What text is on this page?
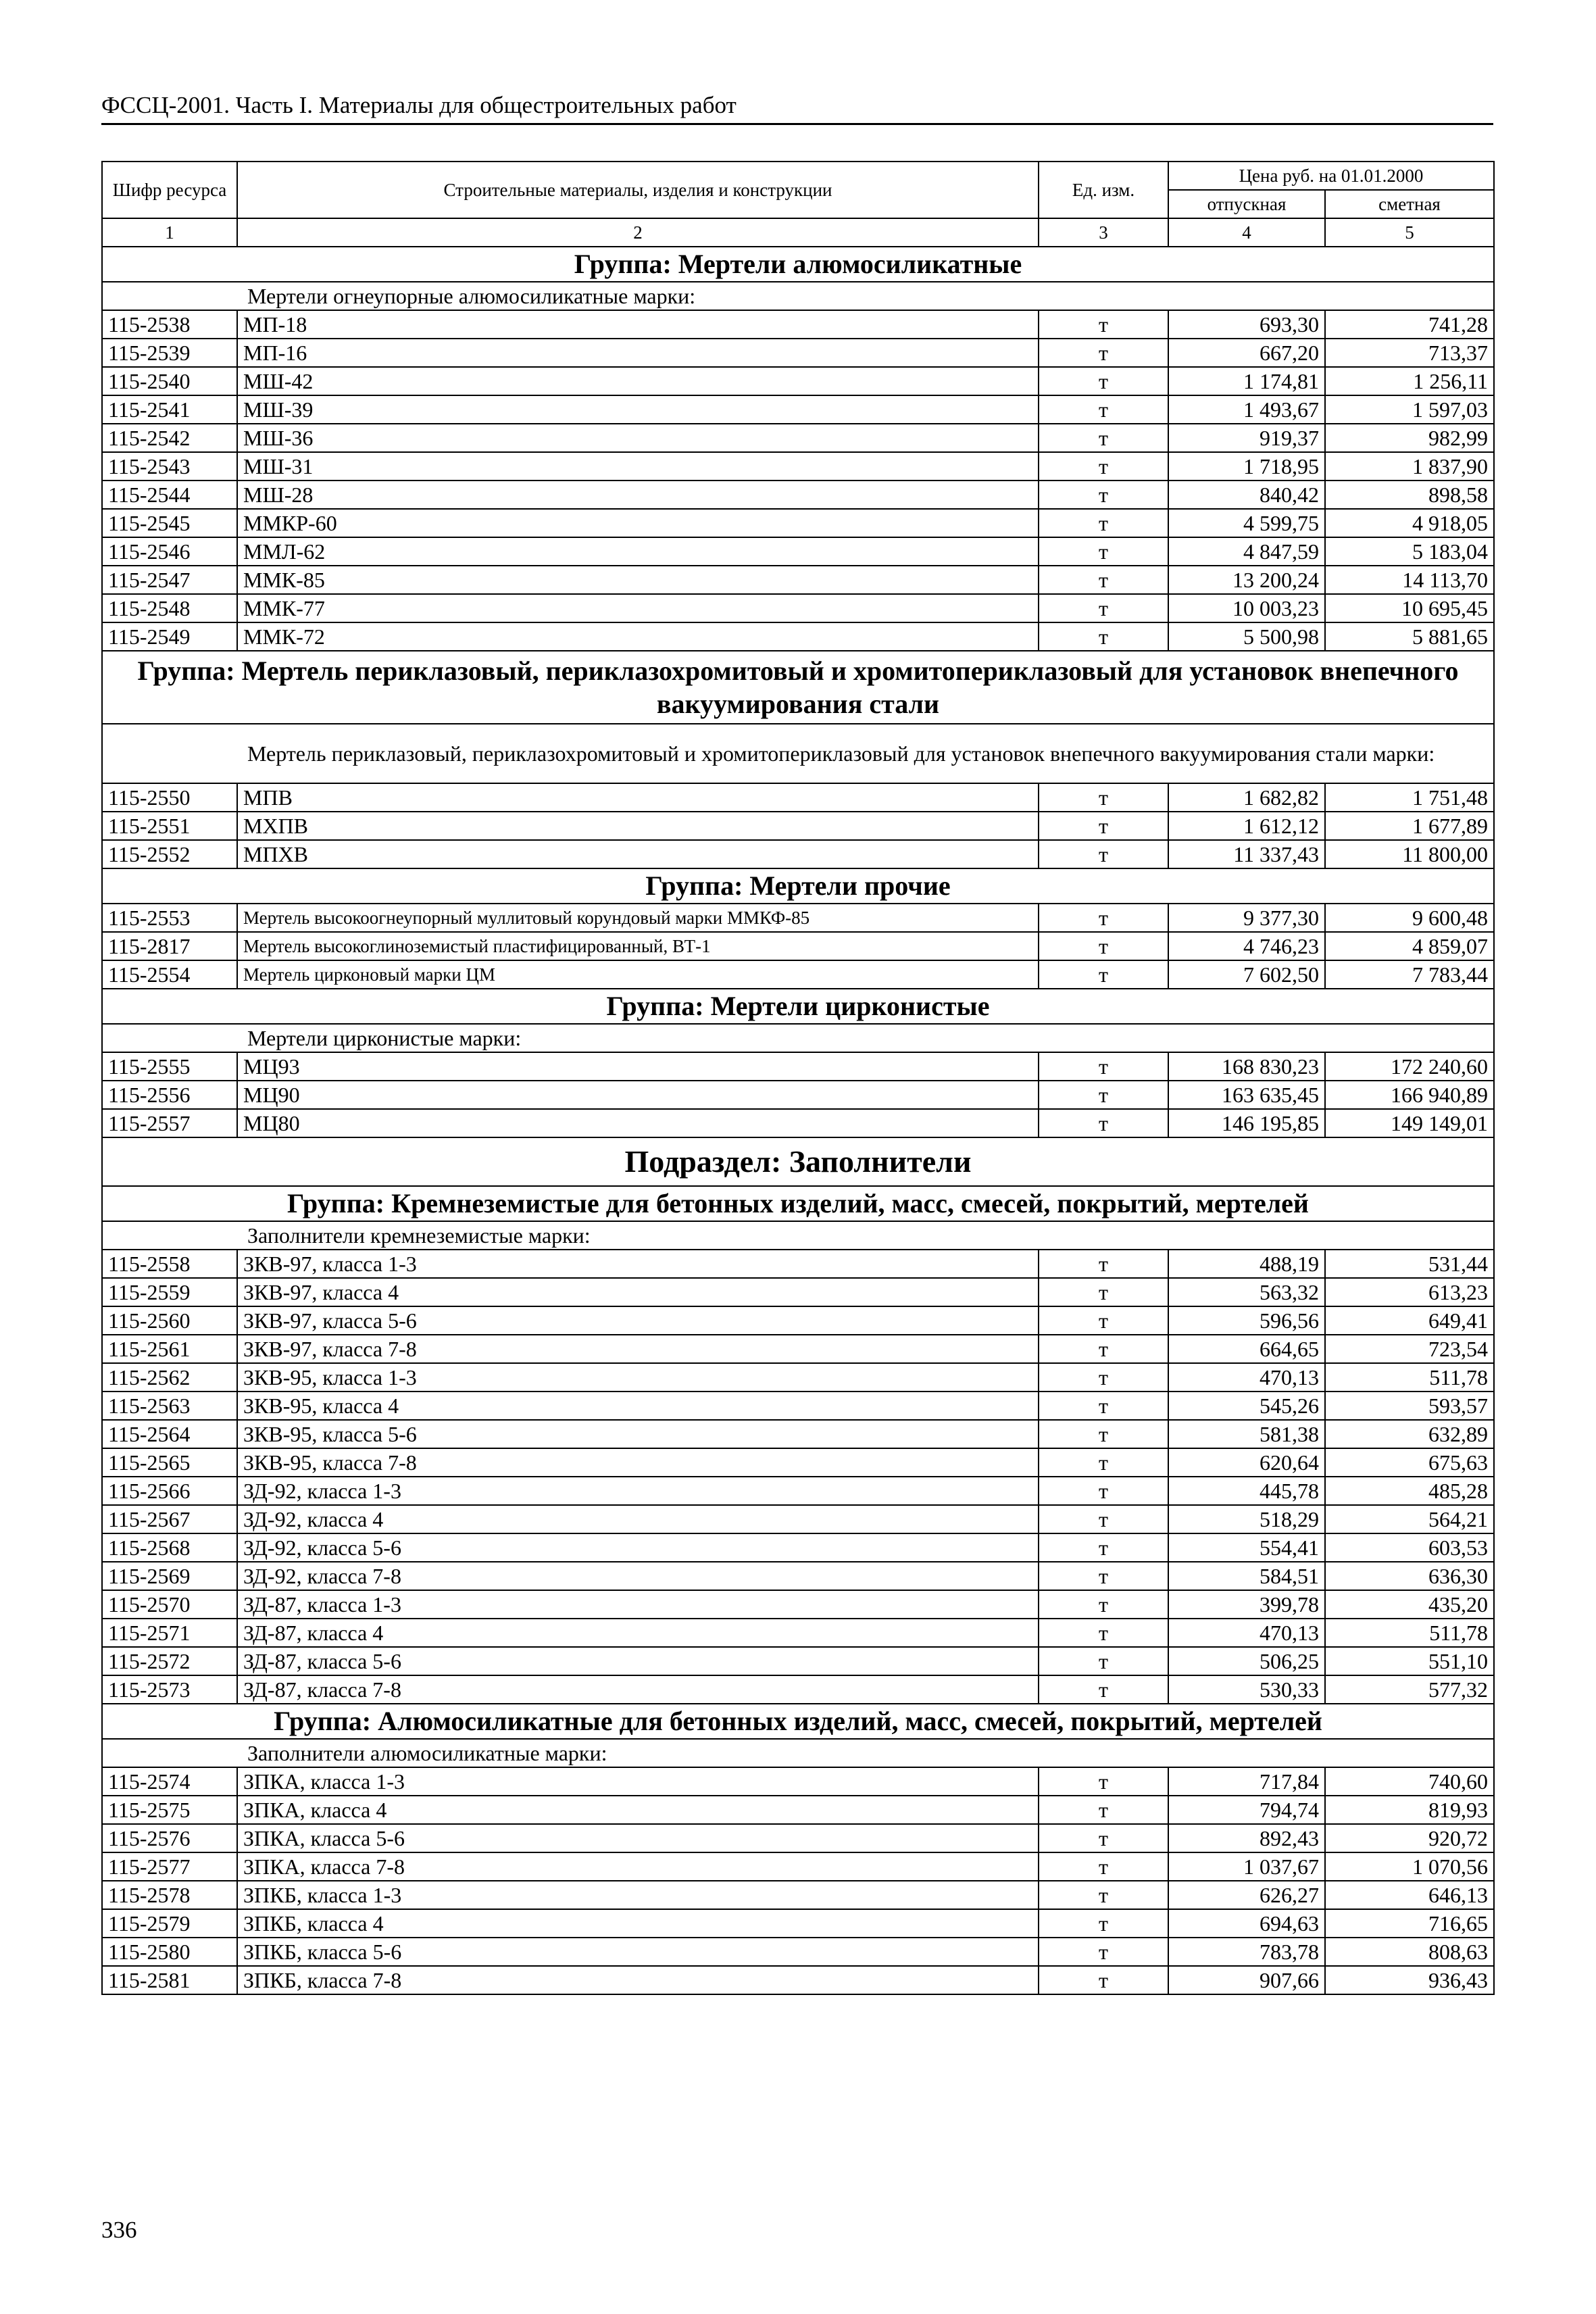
ФССЦ-2001. Часть I. Материалы для общестроительных работ
Шифр ресурса	Строительные материалы, изделия и конструкции	Ед. изм.	Цена руб. на 01.01.2000	
			отпускная	сметная
1	2	3	4	5
Группа: Мертели алюмосиликатные				
Мертели огнеупорные алюмосиликатные марки:				
115-2538	МП-18	т	693,30	741,28
115-2539	МП-16	т	667,20	713,37
115-2540	МШ-42	т	1 174,81	1 256,11
115-2541	МШ-39	т	1 493,67	1 597,03
115-2542	МШ-36	т	919,37	982,99
115-2543	МШ-31	т	1 718,95	1 837,90
115-2544	МШ-28	т	840,42	898,58
115-2545	ММКР-60	т	4 599,75	4 918,05
115-2546	ММЛ-62	т	4 847,59	5 183,04
115-2547	ММК-85	т	13 200,24	14 113,70
115-2548	ММК-77	т	10 003,23	10 695,45
115-2549	ММК-72	т	5 500,98	5 881,65
Группа: Мертель периклазовый, периклазохромитовый и хромитопериклазовый для установок внепечного вакуумирования стали				
Мертель периклазовый, периклазохромитовый и хромитопериклазовый для установок внепечного вакуумирования стали марки:				
115-2550	МПВ	т	1 682,82	1 751,48
115-2551	МХПВ	т	1 612,12	1 677,89
115-2552	МПХВ	т	11 337,43	11 800,00
Группа: Мертели прочие				
115-2553	Мертель высокоогнеупорный муллитовый корундовый марки ММКФ-85	т	9 377,30	9 600,48
115-2817	Мертель высокоглиноземистый пластифицированный, ВТ-1	т	4 746,23	4 859,07
115-2554	Мертель цирконовый марки ЦМ	т	7 602,50	7 783,44
Группа: Мертели цирконистые				
Мертели цирконистые марки:				
115-2555	МЦ93	т	168 830,23	172 240,60
115-2556	МЦ90	т	163 635,45	166 940,89
115-2557	МЦ80	т	146 195,85	149 149,01
Подраздел: Заполнители				
Группа: Кремнеземистые для бетонных изделий, масс, смесей, покрытий, мертелей				
Заполнители кремнеземистые марки:				
115-2558	ЗКВ-97, класса 1-3	т	488,19	531,44
115-2559	ЗКВ-97, класса 4	т	563,32	613,23
115-2560	ЗКВ-97, класса 5-6	т	596,56	649,41
115-2561	ЗКВ-97, класса 7-8	т	664,65	723,54
115-2562	ЗКВ-95, класса 1-3	т	470,13	511,78
115-2563	ЗКВ-95, класса 4	т	545,26	593,57
115-2564	ЗКВ-95, класса 5-6	т	581,38	632,89
115-2565	ЗКВ-95, класса 7-8	т	620,64	675,63
115-2566	ЗД-92, класса 1-3	т	445,78	485,28
115-2567	ЗД-92, класса 4	т	518,29	564,21
115-2568	ЗД-92, класса 5-6	т	554,41	603,53
115-2569	ЗД-92, класса 7-8	т	584,51	636,30
115-2570	ЗД-87, класса 1-3	т	399,78	435,20
115-2571	ЗД-87, класса 4	т	470,13	511,78
115-2572	ЗД-87, класса 5-6	т	506,25	551,10
115-2573	ЗД-87, класса 7-8	т	530,33	577,32
Группа: Алюмосиликатные для бетонных изделий, масс, смесей, покрытий, мертелей				
Заполнители алюмосиликатные марки:				
115-2574	ЗПКА, класса 1-3	т	717,84	740,60
115-2575	ЗПКА, класса 4	т	794,74	819,93
115-2576	ЗПКА, класса 5-6	т	892,43	920,72
115-2577	ЗПКА, класса 7-8	т	1 037,67	1 070,56
115-2578	ЗПКБ, класса 1-3	т	626,27	646,13
115-2579	ЗПКБ, класса 4	т	694,63	716,65
115-2580	ЗПКБ, класса 5-6	т	783,78	808,63
115-2581	ЗПКБ, класса 7-8	т	907,66	936,43
336
